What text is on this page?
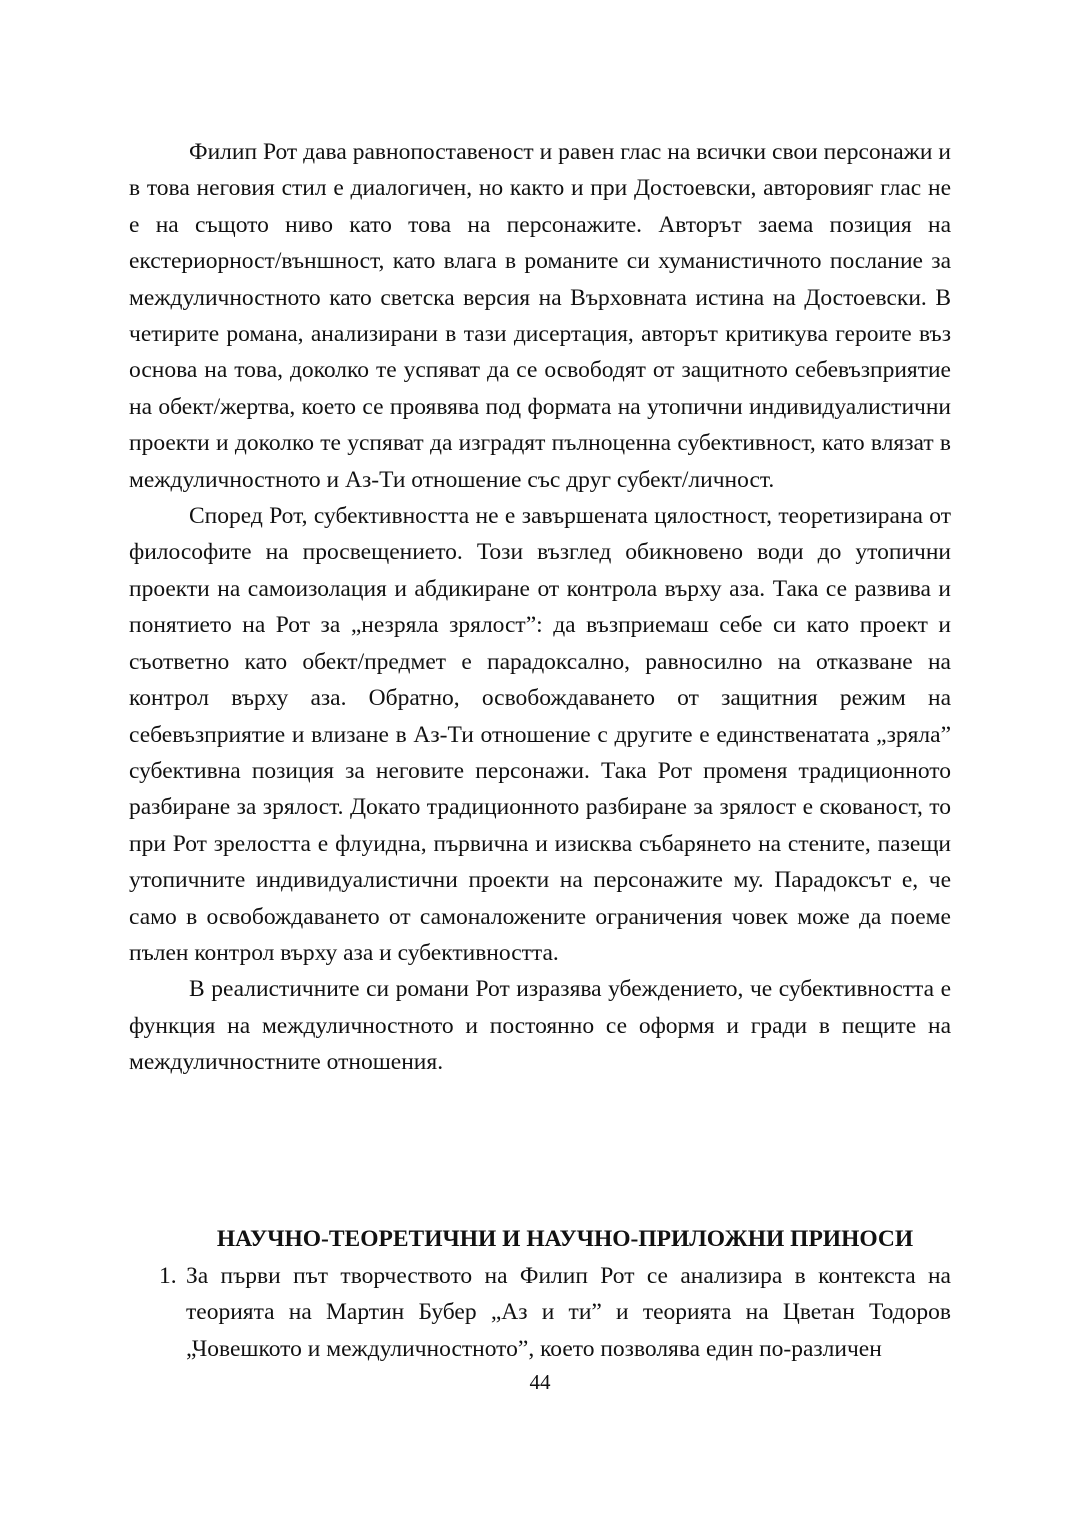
Филип Рот дава равнопоставеност и равен глас на всички свои персонажи и в това неговия стил е диалогичен, но както и при Достоевски, авторовияг глас не е на същото ниво като това на персонажите. Авторът заема позиция на екстериорност/външност, като влага в романите си хуманистичното послание за междуличностното като светска версия на Върховната истина на Достоевски. В четирите романа, анализирани в тази дисертация, авторът критикува героите въз основа на това, доколко те успяват да се освободят от защитното себевъзприятие на обект/жертва, което се проявява под формата на утопични индивидуалистични проекти и доколко те успяват да изградят пълноценна субективност, като влязат в междуличностното и Аз-Ти отношение със друг субект/личност.

Според Рот, субективността не е завършената цялостност, теоретизирана от философите на просвещението. Този възглед обикновено води до утопични проекти на самоизолация и абдикиране от контрола върху аза. Така се развива и понятието на Рот за „незряла зрялост”: да възприемаш себе си като проект и съответно като обект/предмет е парадоксално, равносилно на отказване на контрол върху аза. Обратно, освобождаването от защитния режим на себевъзприятие и влизане в Аз-Ти отношение с другите е единственатата „зряла” субективна позиция за неговите персонажи. Така Рот променя традиционното разбиране за зрялост. Докато традиционното разбиране за зрялост е скованост, то при Рот зрелостта е флуидна, първична и изисква събарянето на стените, пазещи утопичните индивидуалистични проекти на персонажите му. Парадоксът е, че само в освобождаването от самоналожените ограничения човек може да поеме пълен контрол върху аза и субективността.

В реалистичните си романи Рот изразява убеждението, че субективността е функция на междуличностното и постоянно се оформя и гради в пещите на междуличностните отношения.

НАУЧНО-ТЕОРЕТИЧНИ И НАУЧНО-ПРИЛОЖНИ ПРИНОСИ
1. За първи път творчеството на Филип Рот се анализира в контекста на теорията на Мартин Бубер „Аз и ти” и теорията на Цветан Тодоров „Човешкото и междуличностното”, което позволява един по-различен
44
